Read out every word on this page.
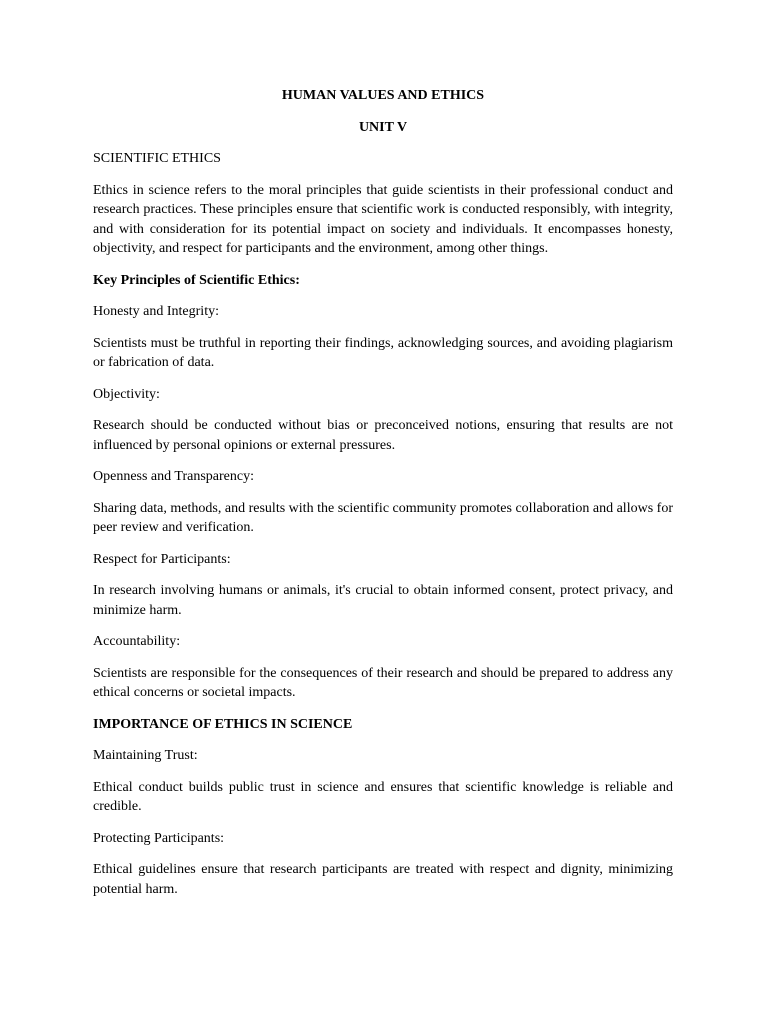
HUMAN VALUES AND ETHICS
UNIT V
SCIENTIFIC ETHICS

Ethics in science refers to the moral principles that guide scientists in their professional conduct and research practices. These principles ensure that scientific work is conducted responsibly, with integrity, and with consideration for its potential impact on society and individuals. It encompasses honesty, objectivity, and respect for participants and the environment, among other things.

Key Principles of Scientific Ethics:
Honesty and Integrity:

Scientists must be truthful in reporting their findings, acknowledging sources, and avoiding plagiarism or fabrication of data.

Objectivity:

Research should be conducted without bias or preconceived notions, ensuring that results are not influenced by personal opinions or external pressures.

Openness and Transparency:

Sharing data, methods, and results with the scientific community promotes collaboration and allows for peer review and verification.

Respect for Participants:

In research involving humans or animals, it's crucial to obtain informed consent, protect privacy, and minimize harm.

Accountability:

Scientists are responsible for the consequences of their research and should be prepared to address any ethical concerns or societal impacts.

IMPORTANCE OF ETHICS IN SCIENCE
Maintaining Trust:

Ethical conduct builds public trust in science and ensures that scientific knowledge is reliable and credible.

Protecting Participants:

Ethical guidelines ensure that research participants are treated with respect and dignity, minimizing potential harm.
